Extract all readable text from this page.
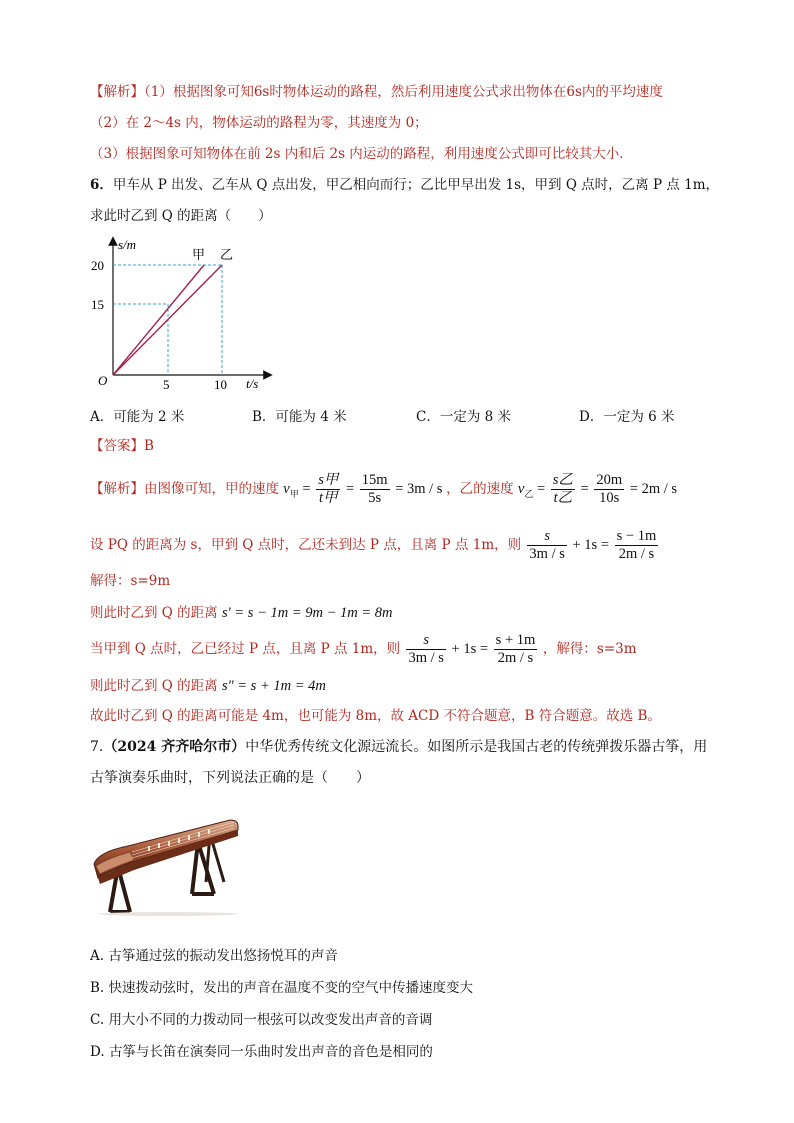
【解析】（1）根据图象可知6s时物体运动的路程，然后利用速度公式求出物体在6s内的平均速度
（2）在 2～4s 内，物体运动的路程为零，其速度为 0；
（3）根据图象可知物体在前 2s 内和后 2s 内运动的路程，利用速度公式即可比较其大小．
6．甲车从 P 出发、乙车从 Q 点出发，甲乙相向而行；乙比甲早出发 1s，甲到 Q 点时，乙离 P 点 1m，
求此时乙到 Q 的距离（　　）
s/m
t/s
O
20
15
5	10
甲 乙
A．可能为 2 米	B．可能为 4 米	C．一定为 8 米	D．一定为 6 米
【答案】B
【解析】由图像可知，甲的速度 $v_甲 = \frac{\text{s甲}}{\text{t甲}} = \frac{15m}{5s} = 3m / s$ ，乙的速度 $v_乙 = \frac{\text{s乙}}{\text{t乙}} = \frac{20m}{10s} = 2m / s$
设 PQ 的距离为 s，甲到 Q 点时，乙还未到达 P 点，且离 P 点 1m，则 $\frac{s}{3m / s} + 1s = \frac{s - 1m}{2m / s}$
解得：s=9m
则此时乙到 Q 的距离 s′ = s − 1m = 9m − 1m = 8m
当甲到 Q 点时，乙已经过 P 点，且离 P 点 1m，则 $\frac{s}{3m / s} + 1s = \frac{s + 1m}{2m / s}$ ，解得：s=3m
则此时乙到 Q 的距离 s″ = s + 1m = 4m
故此时乙到 Q 的距离可能是 4m，也可能为 8m，故 ACD 不符合题意，B 符合题意。故选 B。
7.（2024 齐齐哈尔市）中华优秀传统文化源远流长。如图所示是我国古老的传统弹拨乐器古筝，用
古筝演奏乐曲时，下列说法正确的是（　　）
A. 古筝通过弦的振动发出悠扬悦耳的声音
B. 快速拨动弦时，发出的声音在温度不变的空气中传播速度变大
C. 用大小不同的力拨动同一根弦可以改变发出声音的音调
D. 古筝与长笛在演奏同一乐曲时发出声音的音色是相同的
